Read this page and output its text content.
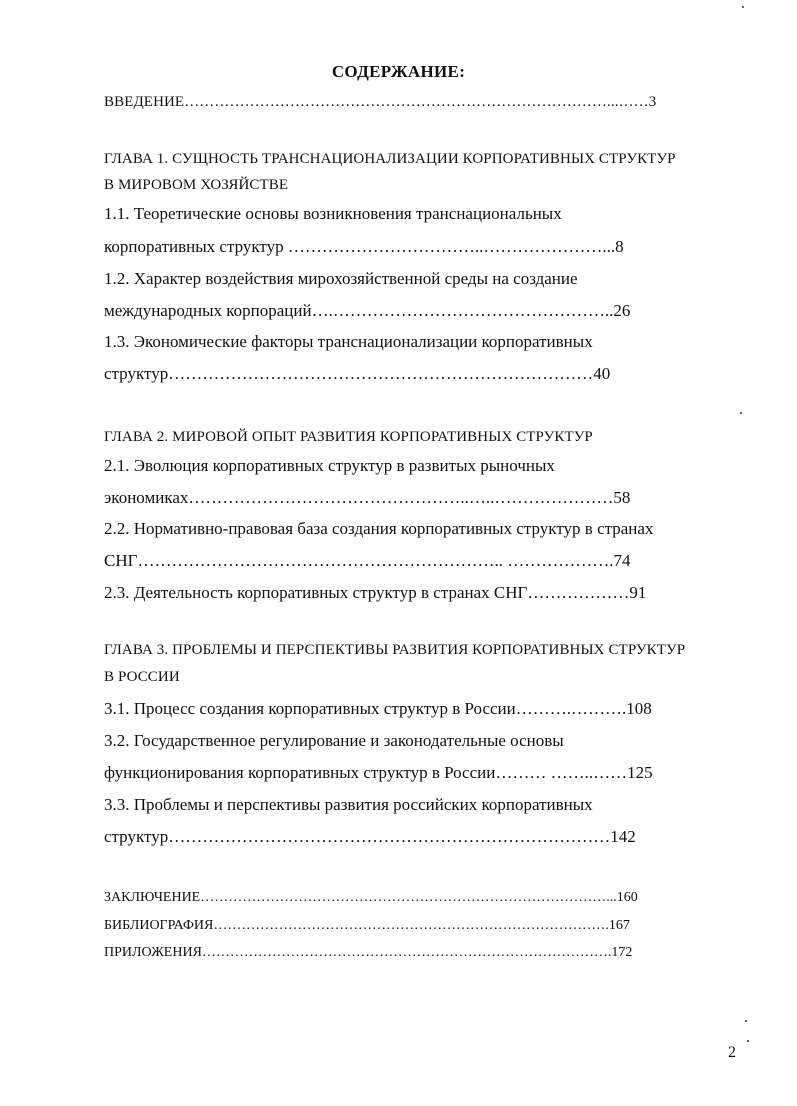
СОДЕРЖАНИЕ:
ВВЕДЕНИЕ…………………………………………………………………………...……3
ГЛАВА 1. СУЩНОСТЬ ТРАНСНАЦИОНАЛИЗАЦИИ КОРПОРАТИВНЫХ СТРУКТУР
В МИРОВОМ ХОЗЯЙСТВЕ
1.1. Теоретические основы возникновения транснациональных
корпоративных структур ……………………………..…………………...8
1.2. Характер воздействия мирохозяйственной среды на создание
международных корпораций….…………………………………………..26
1.3. Экономические факторы транснационализации корпоративных
структур…………………………………………………………………40
ГЛАВА 2. МИРОВОЙ ОПЫТ РАЗВИТИЯ КОРПОРАТИВНЫХ СТРУКТУР
2.1. Эволюция корпоративных структур в развитых рыночных
экономиках…………………………………………..…..…………………58
2.2. Нормативно-правовая база создания корпоративных структур в странах
СНГ……………………………………………………….. ……………….74
2.3. Деятельность корпоративных структур в странах СНГ………………91
ГЛАВА 3. ПРОБЛЕМЫ И ПЕРСПЕКТИВЫ РАЗВИТИЯ КОРПОРАТИВНЫХ СТРУКТУР
В РОССИИ
3.1. Процесс создания корпоративных структур в России……….……….108
3.2. Государственное регулирование и законодательные основы
функционирования корпоративных структур в России……… ……..……125
3.3. Проблемы и перспективы развития российских корпоративных
структур……………………………………………………………………142
ЗАКЛЮЧЕНИЕ……………………………………………………………………………...160
БИБЛИОГРАФИЯ………………………………………………………………………….167
ПРИЛОЖЕНИЯ…………………………………………………………………………….172
2
